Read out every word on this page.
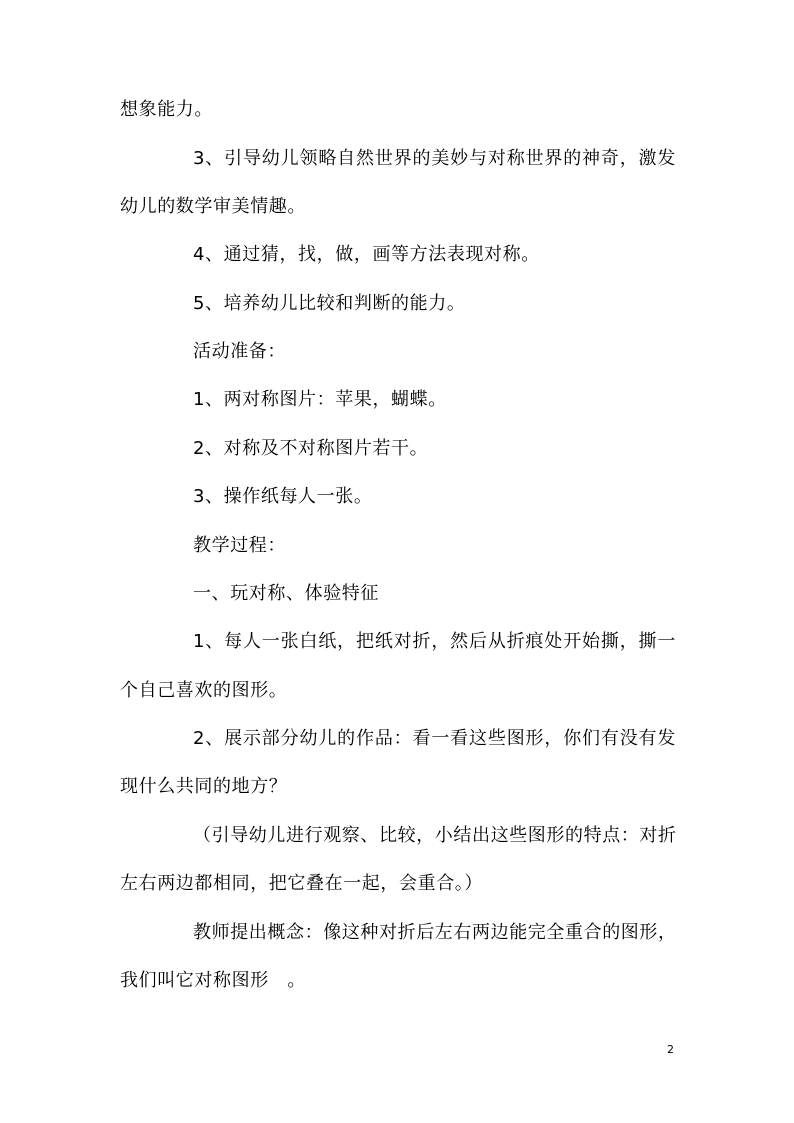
想象能力。
3、引导幼儿领略自然世界的美妙与对称世界的神奇，激发
幼儿的数学审美情趣。
4、通过猜，找，做，画等方法表现对称。
5、培养幼儿比较和判断的能力。
活动准备：
1、两对称图片：苹果，蝴蝶。
2、对称及不对称图片若干。
3、操作纸每人一张。
教学过程：
一、玩对称、体验特征
1、每人一张白纸，把纸对折，然后从折痕处开始撕，撕一
个自己喜欢的图形。
2、展示部分幼儿的作品：看一看这些图形，你们有没有发
现什么共同的地方？
（引导幼儿进行观察、比较，小结出这些图形的特点：对折
左右两边都相同，把它叠在一起，会重合。）
教师提出概念：像这种对折后左右两边能完全重合的图形，
我们叫它对称图形　。
2
